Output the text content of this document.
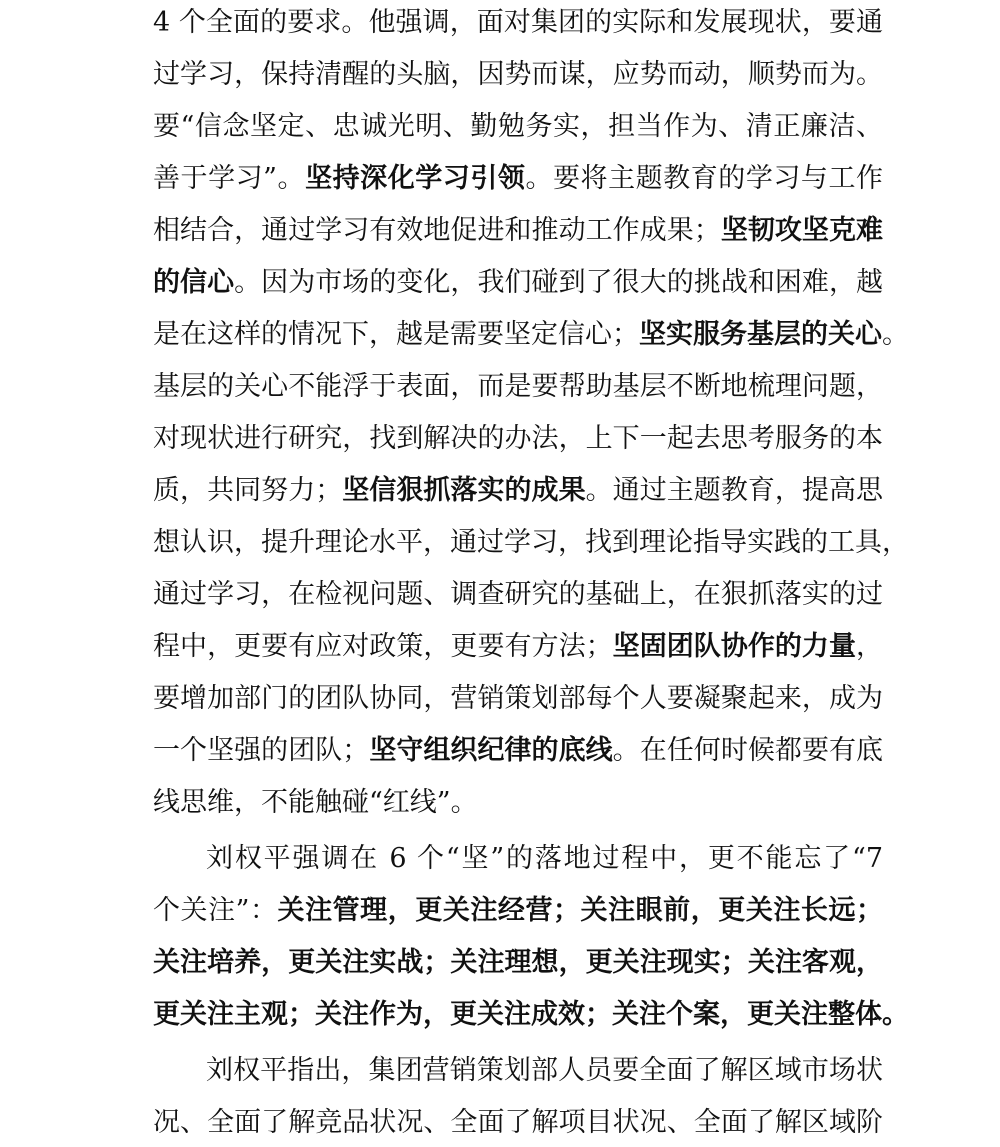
4 个全面的要求。他强调，面对集团的实际和发展现状，要通
过学习，保持清醒的头脑，因势而谋，应势而动，顺势而为。
要“信念坚定、忠诚光明、勤勉务实，担当作为、清正廉洁、
善于学习”。坚持深化学习引领。要将主题教育的学习与工作
相结合，通过学习有效地促进和推动工作成果；坚韧攻坚克难
的信心。因为市场的变化，我们碰到了很大的挑战和困难，越
是在这样的情况下，越是需要坚定信心；坚实服务基层的关心。
基层的关心不能浮于表面，而是要帮助基层不断地梳理问题，
对现状进行研究，找到解决的办法，上下一起去思考服务的本
质，共同努力；坚信狠抓落实的成果。通过主题教育，提高思
想认识，提升理论水平，通过学习，找到理论指导实践的工具，
通过学习，在检视问题、调查研究的基础上，在狠抓落实的过
程中，更要有应对政策，更要有方法；坚固团队协作的力量，
要增加部门的团队协同，营销策划部每个人要凝聚起来，成为
一个坚强的团队；坚守组织纪律的底线。在任何时候都要有底
线思维，不能触碰“红线”。
刘权平强调在 6 个“坚”的落地过程中，更不能忘了“7
个关注”：关注管理，更关注经营；关注眼前，更关注长远；
关注培养，更关注实战；关注理想，更关注现实；关注客观，
更关注主观；关注作为，更关注成效；关注个案，更关注整体。
刘权平指出，集团营销策划部人员要全面了解区域市场状
况、全面了解竞品状况、全面了解项目状况、全面了解区域阶
